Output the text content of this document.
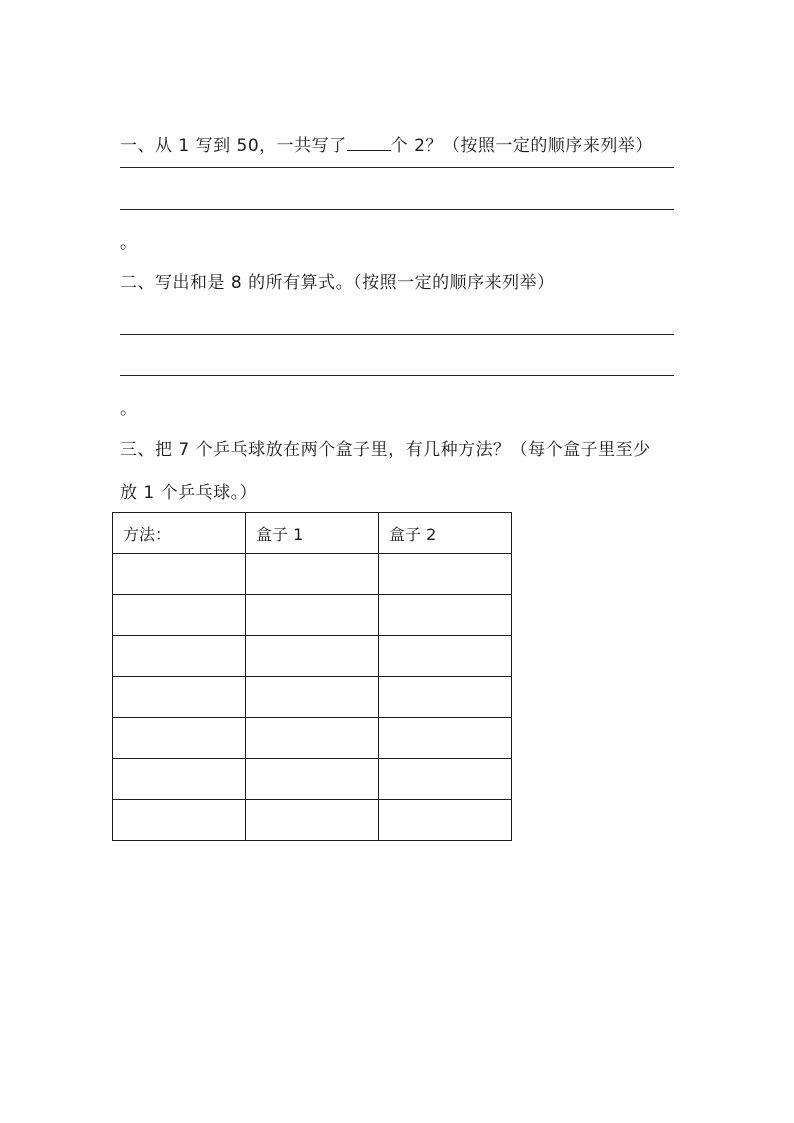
一、从 1 写到 50，一共写了	个 2？（按照一定的顺序来列举）
。
二、写出和是 8 的所有算式。（按照一定的顺序来列举）
。
三、把 7 个乒乓球放在两个盒子里，有几种方法？（每个盒子里至少
放 1 个乒乓球。）
方法：	盒子 1	盒子 2
